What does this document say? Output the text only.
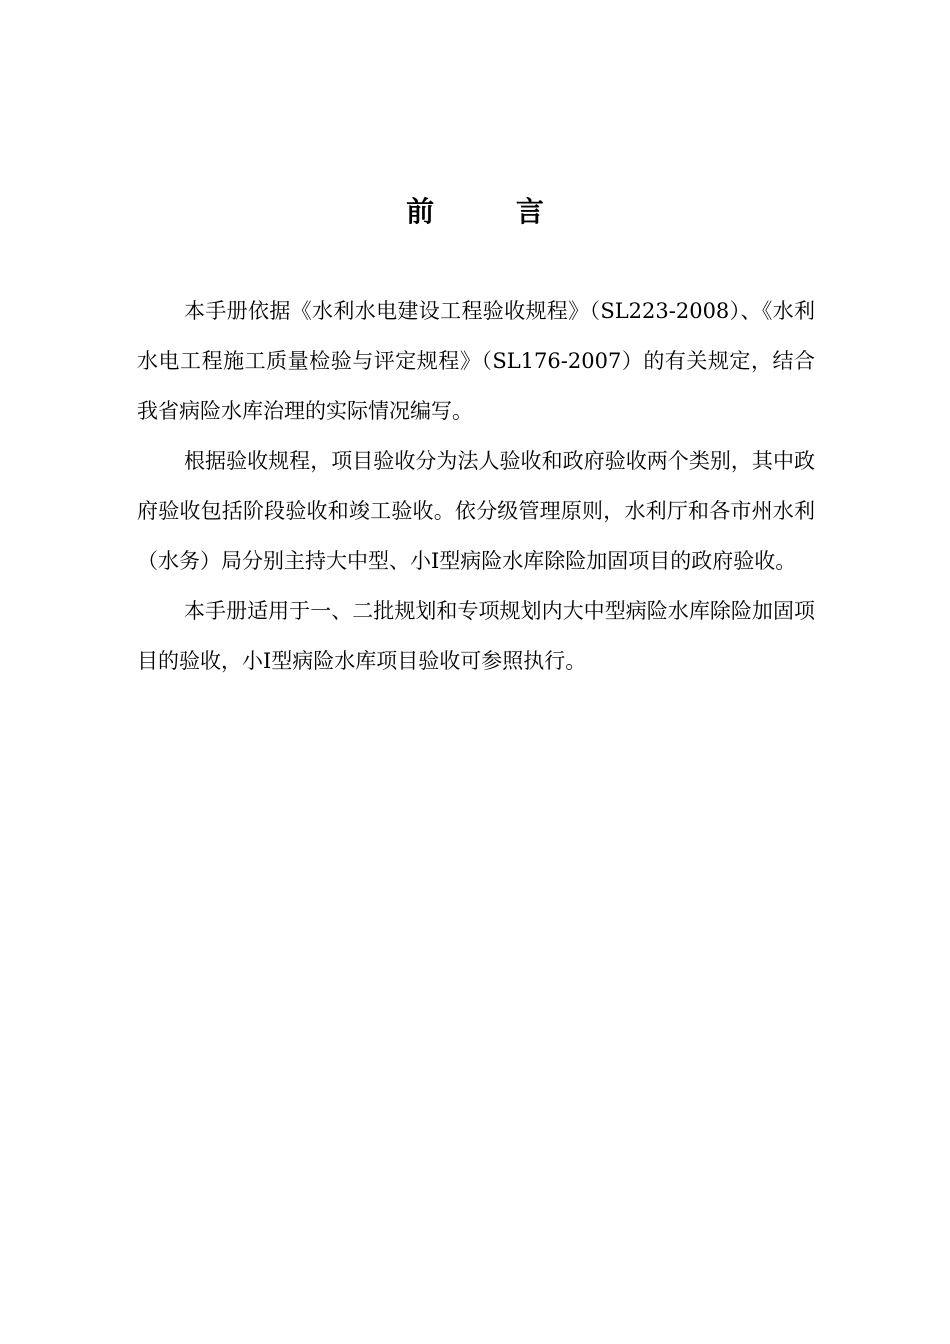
前 言

本手册依据《水利水电建设工程验收规程》（SL223-2008）、《水利水电工程施工质量检验与评定规程》（SL176-2007）的有关规定，结合我省病险水库治理的实际情况编写。

根据验收规程，项目验收分为法人验收和政府验收两个类别，其中政府验收包括阶段验收和竣工验收。依分级管理原则，水利厅和各市州水利（水务）局分别主持大中型、小Ⅰ型病险水库除险加固项目的政府验收。

本手册适用于一、二批规划和专项规划内大中型病险水库除险加固项目的验收，小Ⅰ型病险水库项目验收可参照执行。
